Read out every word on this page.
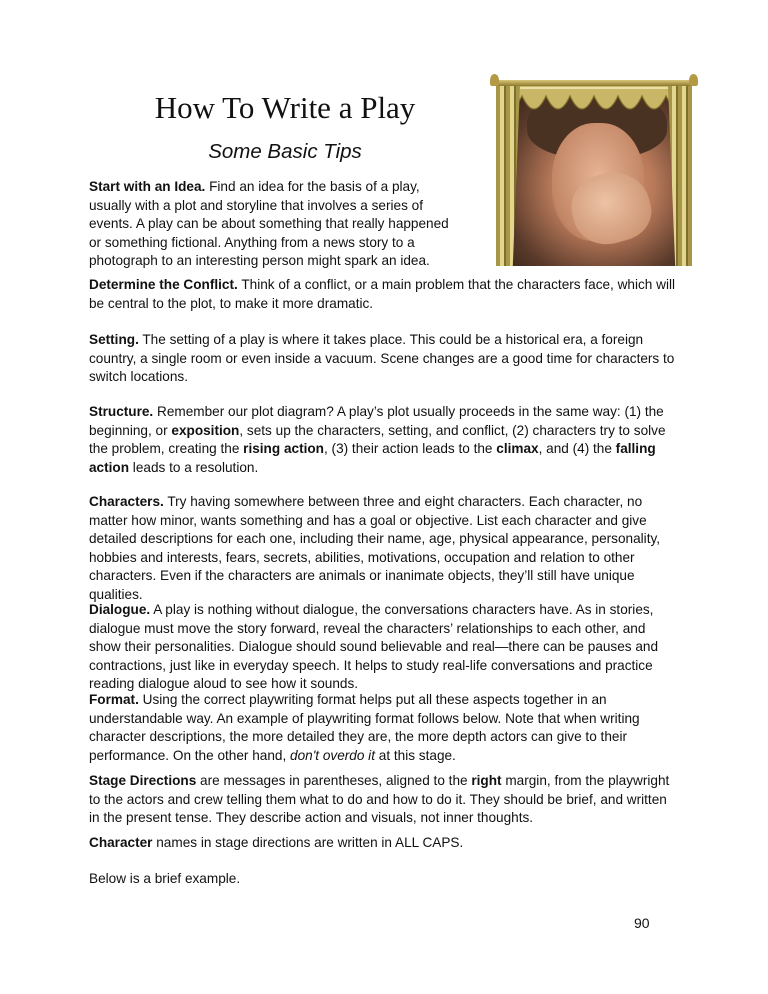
How To Write a Play
Some Basic Tips

Start with an Idea. Find an idea for the basis of a play, usually with a plot and storyline that involves a series of events. A play can be about something that really happened or something fictional. Anything from a news story to a photograph to an interesting person might spark an idea.

Determine the Conflict. Think of a conflict, or a main problem that the characters face, which will be central to the plot, to make it more dramatic.

Setting. The setting of a play is where it takes place. This could be a historical era, a foreign country, a single room or even inside a vacuum. Scene changes are a good time for characters to switch locations.

Structure. Remember our plot diagram? A play’s plot usually proceeds in the same way: (1) the beginning, or exposition, sets up the characters, setting, and conflict, (2) characters try to solve the problem, creating the rising action, (3) their action leads to the climax, and (4) the falling action leads to a resolution.

Characters. Try having somewhere between three and eight characters. Each character, no matter how minor, wants something and has a goal or objective. List each character and give detailed descriptions for each one, including their name, age, physical appearance, personality, hobbies and interests, fears, secrets, abilities, motivations, occupation and relation to other characters. Even if the characters are animals or inanimate objects, they’ll still have unique qualities.

Dialogue. A play is nothing without dialogue, the conversations characters have. As in stories, dialogue must move the story forward, reveal the characters’ relationships to each other, and show their personalities. Dialogue should sound believable and real—there can be pauses and contractions, just like in everyday speech. It helps to study real-life conversations and practice reading dialogue aloud to see how it sounds.

Format. Using the correct playwriting format helps put all these aspects together in an understandable way. An example of playwriting format follows below. Note that when writing character descriptions, the more detailed they are, the more depth actors can give to their performance. On the other hand, don't overdo it at this stage.

Stage Directions are messages in parentheses, aligned to the right margin, from the playwright to the actors and crew telling them what to do and how to do it. They should be brief, and written in the present tense. They describe action and visuals, not inner thoughts.

Character names in stage directions are written in ALL CAPS.

Below is a brief example.

90
